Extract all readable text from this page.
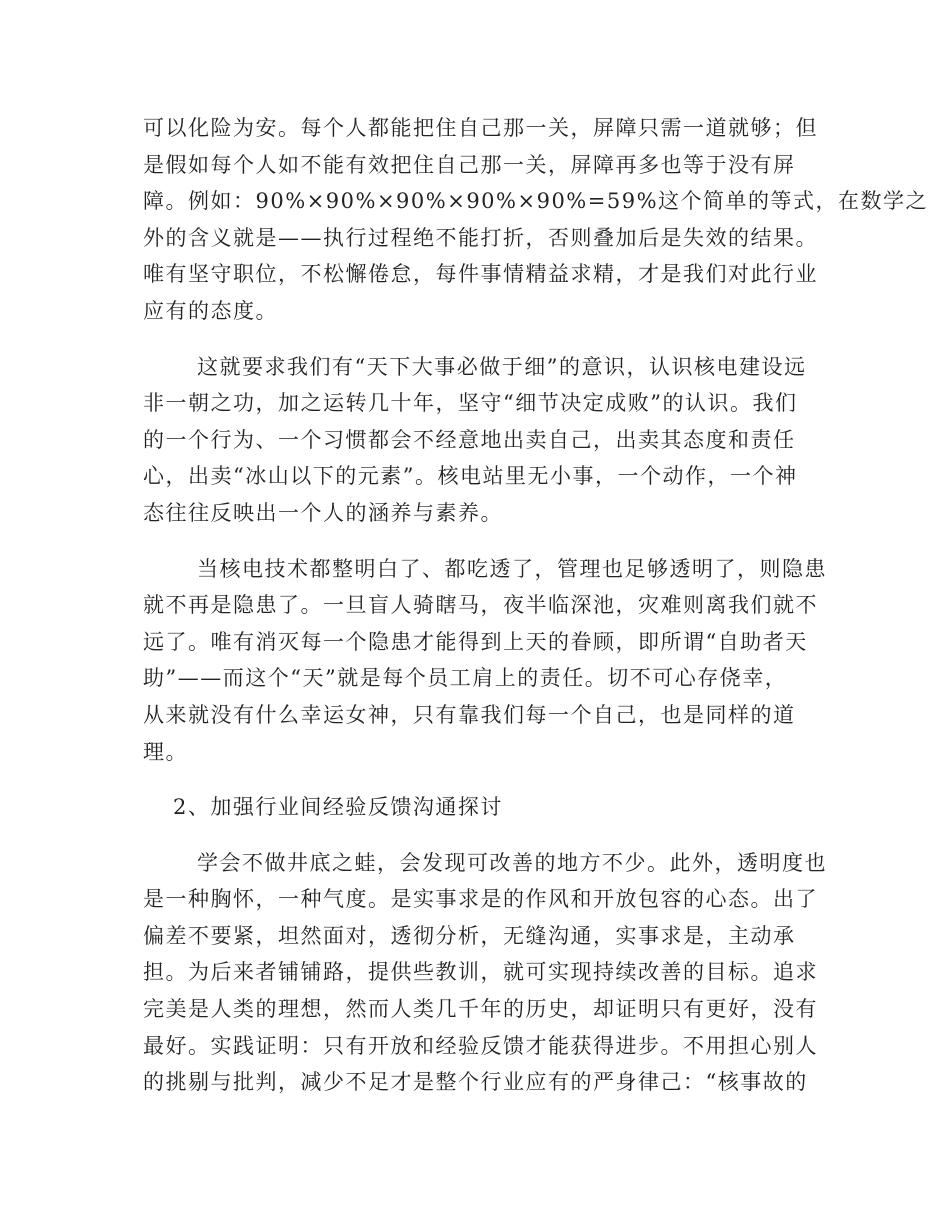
可以化险为安。每个人都能把住自己那一关，屏障只需一道就够；但
是假如每个人如不能有效把住自己那一关，屏障再多也等于没有屏
障。例如：90%×90%×90%×90%×90%=59%这个简单的等式，在数学之
外的含义就是——执行过程绝不能打折，否则叠加后是失效的结果。
唯有坚守职位，不松懈倦怠，每件事情精益求精，才是我们对此行业
应有的态度。
这就要求我们有“天下大事必做于细”的意识，认识核电建设远
非一朝之功，加之运转几十年，坚守“细节决定成败”的认识。我们
的一个行为、一个习惯都会不经意地出卖自己，出卖其态度和责任
心，出卖“冰山以下的元素”。核电站里无小事，一个动作，一个神
态往往反映出一个人的涵养与素养。
当核电技术都整明白了、都吃透了，管理也足够透明了，则隐患
就不再是隐患了。一旦盲人骑瞎马，夜半临深池，灾难则离我们就不
远了。唯有消灭每一个隐患才能得到上天的眷顾，即所谓“自助者天
助”——而这个“天”就是每个员工肩上的责任。切不可心存侥幸，
从来就没有什么幸运女神，只有靠我们每一个自己，也是同样的道
理。
2、加强行业间经验反馈沟通探讨
学会不做井底之蛙，会发现可改善的地方不少。此外，透明度也
是一种胸怀，一种气度。是实事求是的作风和开放包容的心态。出了
偏差不要紧，坦然面对，透彻分析，无缝沟通，实事求是，主动承
担。为后来者铺铺路，提供些教训，就可实现持续改善的目标。追求
完美是人类的理想，然而人类几千年的历史，却证明只有更好，没有
最好。实践证明：只有开放和经验反馈才能获得进步。不用担心别人
的挑剔与批判，减少不足才是整个行业应有的严身律己：“核事故的
